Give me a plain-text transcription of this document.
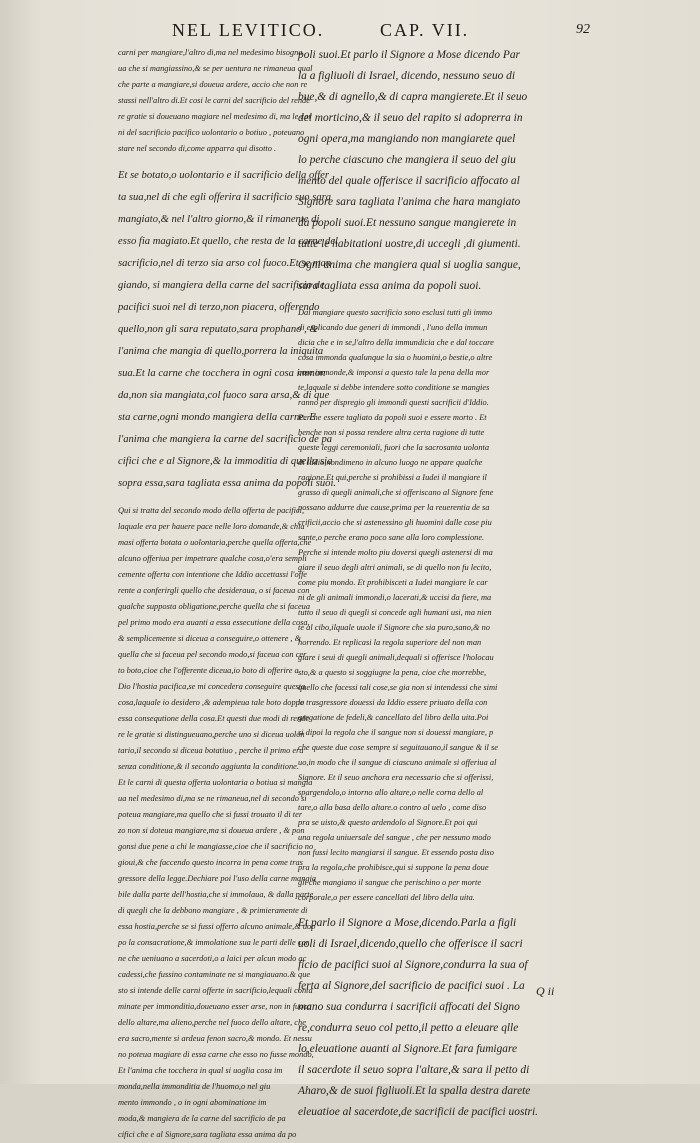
NEL LEVITICO.	CAP. VII.	92
carni per mangiare,l'altro di,ma nel medesimo bisogna
ua che si mangiassino,& se per uentura ne rimaneua qual
che parte a mangiare,si doueua ardere, accio che non re
stassi nell'altro di.Et cosi le carni del sacrificio del rende
re gratie si doueuano magiare nel medesimo di, ma le car
ni del sacrificio pacifico uolontario o botiuo , poteuano
stare nel secondo di,come apparra qui disotto .
Et se botato,o uolontario e il sacrificio della offer
ta sua,nel di che egli offerira il sacrificio suo sara
mangiato,& nel l'altro giorno,& il rimanente di
esso fia magiato.Et quello, che resta de la carne del
sacrificio,nel di terzo sia arso col fuoco.Et se man
giando, si mangiera della carne del sacrificio de
pacifici suoi nel di terzo,non piacera, offerendo
quello,non gli sara reputato,sara prophano , &
l'anima che mangia di quello,porrera la iniquita
sua.Et la carne che tocchera in ogni cosa immon
da,non sia mangiata,col fuoco sara arsa,& di que
sta carne,ogni mondo mangiera della carne. E
l'anima che mangiera la carne del sacrificio de pa
cifici che e al Signore,& la immoditia di quella sia
sopra essa,sara tagliata essa anima da popoli suoi.
Qui si tratta del secondo modo della offerta de pacifici,
laquale era per hauere pace nelle loro domande,& chia
masi offerta botata o uolontaria,perche quella offerta,che
alcuno offeriua per impetrare qualche cosa,o'era sempli
cemente offerta con intentione che Iddio accettassi l'offe
rente a conferirgli quello che desideraua, o si faceua con
qualche supposta obligatione,perche quella che si faceua
pel primo modo era auanti a essa essecutione della cosa,
& semplicemente si diceua a conseguire,o ottenere , &
quella che si faceua pel secondo modo,si faceua con cer
to boto,cioe che l'offerente diceua,io boto di offerire a
Dio l'hostia pacifica,se mi concedera conseguire questa
cosa,laquale io desidero ,& adempieua tale boto doppo
essa consequtione della cosa.Et questi due modi di rende
re le gratie si distingueuano,perche uno si diceua uolon
tario,il secondo si diceua botatiuo , perche il primo era
senza conditione,& il secondo aggiunta la conditione.
Et le carni di questa offerta uolontaria o botiua si mangia
ua nel medesimo di,ma se ne rimaneua,nel di secondo si
poteua mangiare,ma quello che si fussi trouato il di ter
zo non si doteua mangiare,ma si doueua ardere , & pon
gonsi due pene a chi le mangiasse,cioe che il sacrificio no
gioui,& che faccendo questo incorra in pena come tras
gressore della legge.Dechiare poi l'uso della carne mangia
bile dalla parte dell'hostia,che si immolaua, & dalla parte
di quegli che la debbono mangiare , & primieramente di
essa hostia,perche se si fussi offerto alcuno animale,& dop
po la consacratione,& immolatione sua le parti delle car
ne che ueniuano a sacerdoti,o a laici per alcun modo ac
cadessi,che fussino contaminate ne si mangiauano.& que
sto si intende delle carni offerte in sacrificio,lequali conta
minate per immonditia,doueuano esser arse, non in fuoco
dello altare,ma alieno,perche nel fuoco dello altare, che
era sacro,mente si ardeua fenon sacro,& mondo. Et nessu
no poteua magiare di essa carne che esso no fusse mondo,
Et l'anima che tocchera in qual si uoglia cosa im
monda,nella immonditia de l'huomo,o nel giu
mento immondo , o in ogni abominatione im
moda,& mangiera de la carne del sacrificio de pa
cifici che e al Signore,sara tagliata essa anima da po
poli suoi.Et parlo il Signore a Mose dicendo Par
la a figliuoli di Israel, dicendo, nessuno seuo di
bue,& di agnello,& di capra mangierete.Et il seuo
del morticino,& il seuo del rapito si adoprerra in
ogni opera,ma mangiando non mangiarete quel
lo perche ciascuno che mangiera il seuo del giu
mento del quale offerisce il sacrificio affocato al
Signore sara tagliata l'anima che hara mangiato
da popoli suoi.Et nessuno sangue mangierete in
tutte le habitationi uostre,di uccegli ,di giumenti.
Ogni anima che mangiera qual si uoglia sangue,
sara tagliata essa anima da popoli suoi.
Dal mangiare questo sacrificio sono esclusi tutti gli immo
di esplicando due generi di immondi , l'uno della immun
dicia che e in se,l'altro della immundicia che e dal toccare
cosa immonda qualunque la sia o huomini,o bestie,o altre
cose immonde,& imponsi a questo tale la pena della mor
te,laquale si debbe intendere sotto conditione se mangies
ranno per dispregio gli immondi questi sacrificii d'Iddio.
Perche essere tagliato da popoli suoi e essere morto . Et
benche non si possa rendere altra certa ragione di tutte
queste leggi ceremoniali, fuori che la sacrosanta uolonta
di Iddio,nondimeno in alcuno luogo ne appare qualche
ragione.Et qui,perche si prohibissi a Iudei il mangiare il
grasso di quegli animali,che si offeriscano al Signore fene
possano addurre due cause,prima per la reuerentia de sa
crificii,accio che si astenessino gli huomini dalle cose piu
sante,o perche erano poco sane alla loro complessione.
Perche si intende molto piu doversi quegli astenersi di ma
giare il seuo degli altri animali, se di quello non fu lecito,
come piu mondo. Et prohibisceti a Iudei mangiare le car
ni de gli animali immondi,o lacerati,& uccisi da fiere, ma
tutto il seuo di quegli si concede agli humani usi, ma nien
te al cibo,ilquale uuole il Signore che sia puro,sano,& no
horrendo. Et replicasi la regola superiore del non man
giare i seui di quegli animali,dequali si offerisce l'holocau
sto,& a questo si soggiugne la pena, cioe che morrebbe,
quello che facessi tali cose,se gia non si intendessi che simi
le trasgressore douessi da Iddio essere priuato della con
gregatione de fedeli,& cancellato del libro della uita.Poi
si dipoi la regola che il sangue non si douessi mangiare, p
che queste due cose sempre si seguitauano,il sangue & il se
uo,in modo che il sangue di ciascuno animale si offeriua al
Signore. Et il seuo anchora era necessario che si offerissi,
spargendolo,o intorno allo altare,o nelle corna dello al
tare,o alla basa dello altare.o contro al uelo , come diso
pra se uisto,& questo ardendolo al Signore.Et poi qui
una regola uniuersale del sangue , che per nessuno modo
non fussi lecito mangiarsi il sangue. Et essendo posta diso
pra la regola,che prohibisce,qui si suppone la pena doue
gli che mangiano il sangue che perischino o per morte
corporale,o per essere cancellati del libro della uita.
Et parlo il Signore a Mose,dicendo.Parla a figli
uoli di Israel,dicendo,quello che offerisce il sacri
ficio de pacifici suoi al Signore,condurra la sua of
ferta al Signore,del sacrificio de pacifici suoi . La
mano sua condurra i sacrificii affocati del Signo
re,condurra seuo col petto,il petto a eleuare qlle
lo,eleuatione auanti al Signore.Et fara fumigare
il sacerdote il seuo sopra l'altare,& sara il petto di
Aharo,& de suoi figliuoli.Et la spalla destra darete
eleuatioe al sacerdote,de sacrificii de pacifici uostri.
Q ii
